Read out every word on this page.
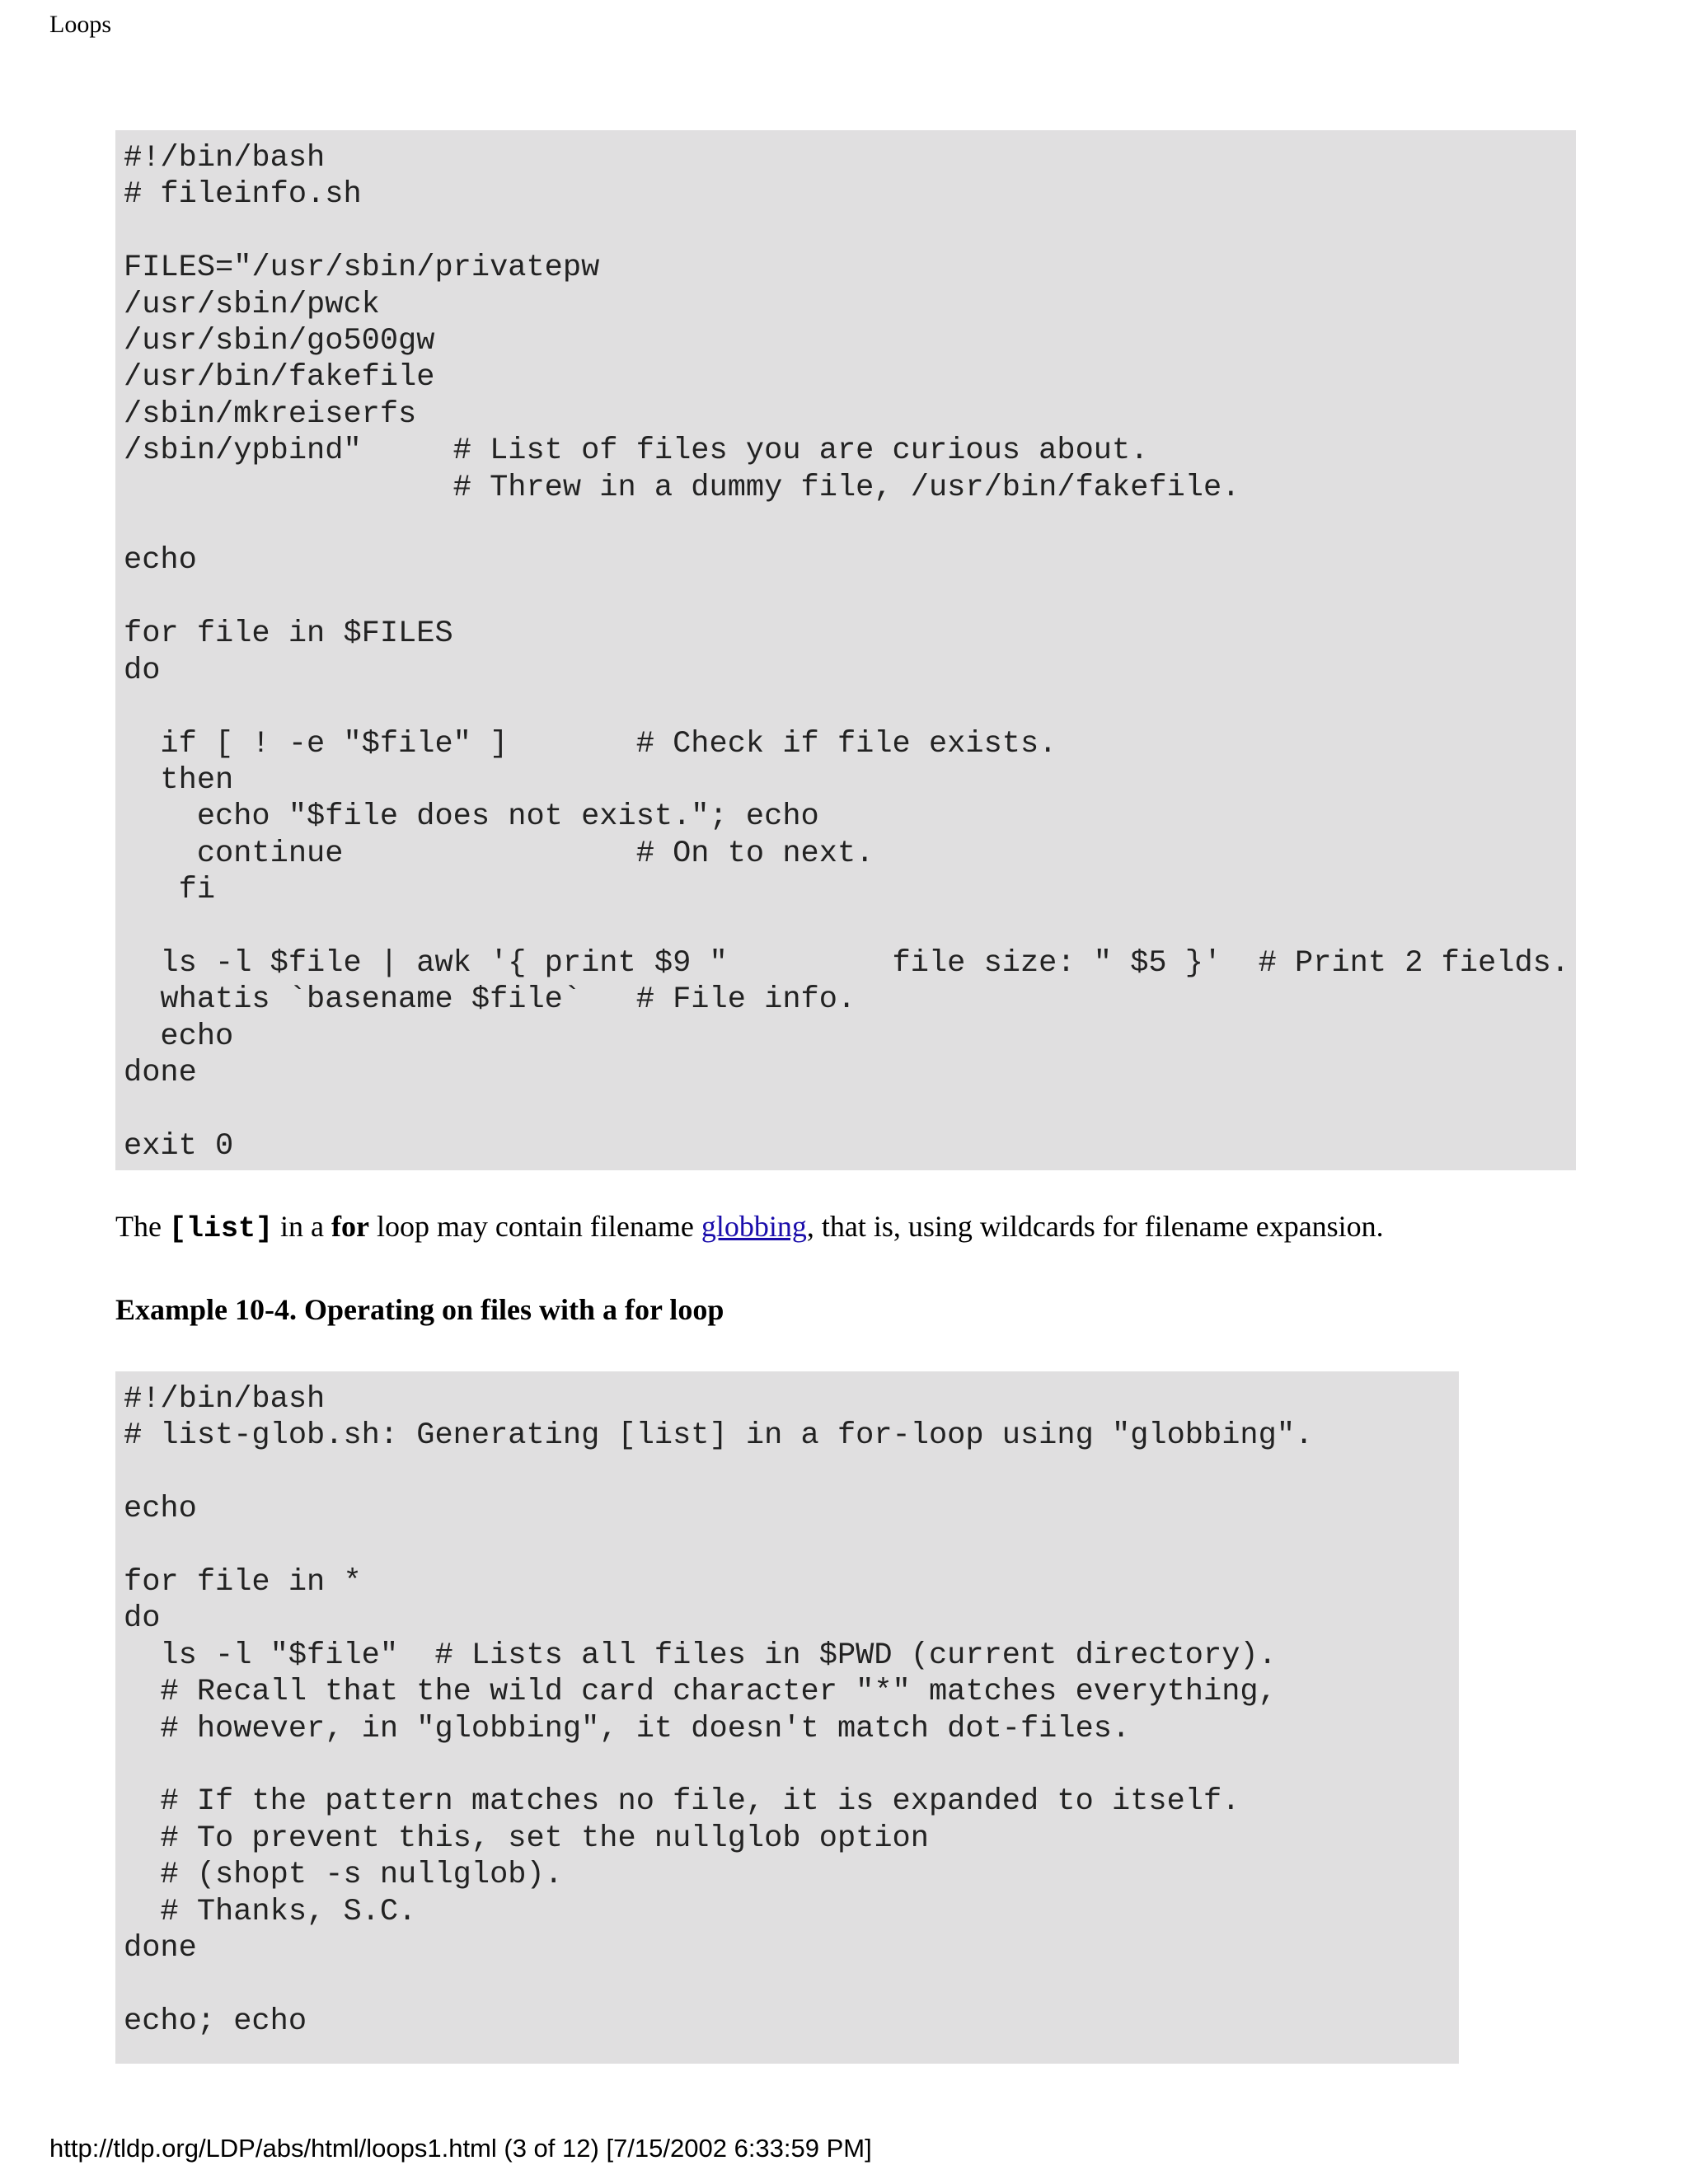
Loops
#!/bin/bash
# fileinfo.sh

FILES="/usr/sbin/privatepw
/usr/sbin/pwck
/usr/sbin/go500gw
/usr/bin/fakefile
/sbin/mkreiserfs
/sbin/ypbind"     # List of files you are curious about.
# Threw in a dummy file, /usr/bin/fakefile.

echo

for file in $FILES
do

if [ ! -e "$file" ]       # Check if file exists.
then
echo "$file does not exist."; echo
continue                # On to next.
fi

ls -l $file | awk '{ print $9 "         file size: " $5 }'  # Print 2 fields.
whatis `basename $file`   # File info.
echo
done

exit 0

The [list] in a for loop may contain filename globbing, that is, using wildcards for filename expansion.

Example 10-4. Operating on files with a for loop
#!/bin/bash
# list-glob.sh: Generating [list] in a for-loop using "globbing".

echo

for file in *
do
ls -l "$file"  # Lists all files in $PWD (current directory).
# Recall that the wild card character "*" matches everything,
# however, in "globbing", it doesn't match dot-files.

# If the pattern matches no file, it is expanded to itself.
# To prevent this, set the nullglob option
# (shopt -s nullglob).
# Thanks, S.C.
done

echo; echo
http://tldp.org/LDP/abs/html/loops1.html (3 of 12) [7/15/2002 6:33:59 PM]
